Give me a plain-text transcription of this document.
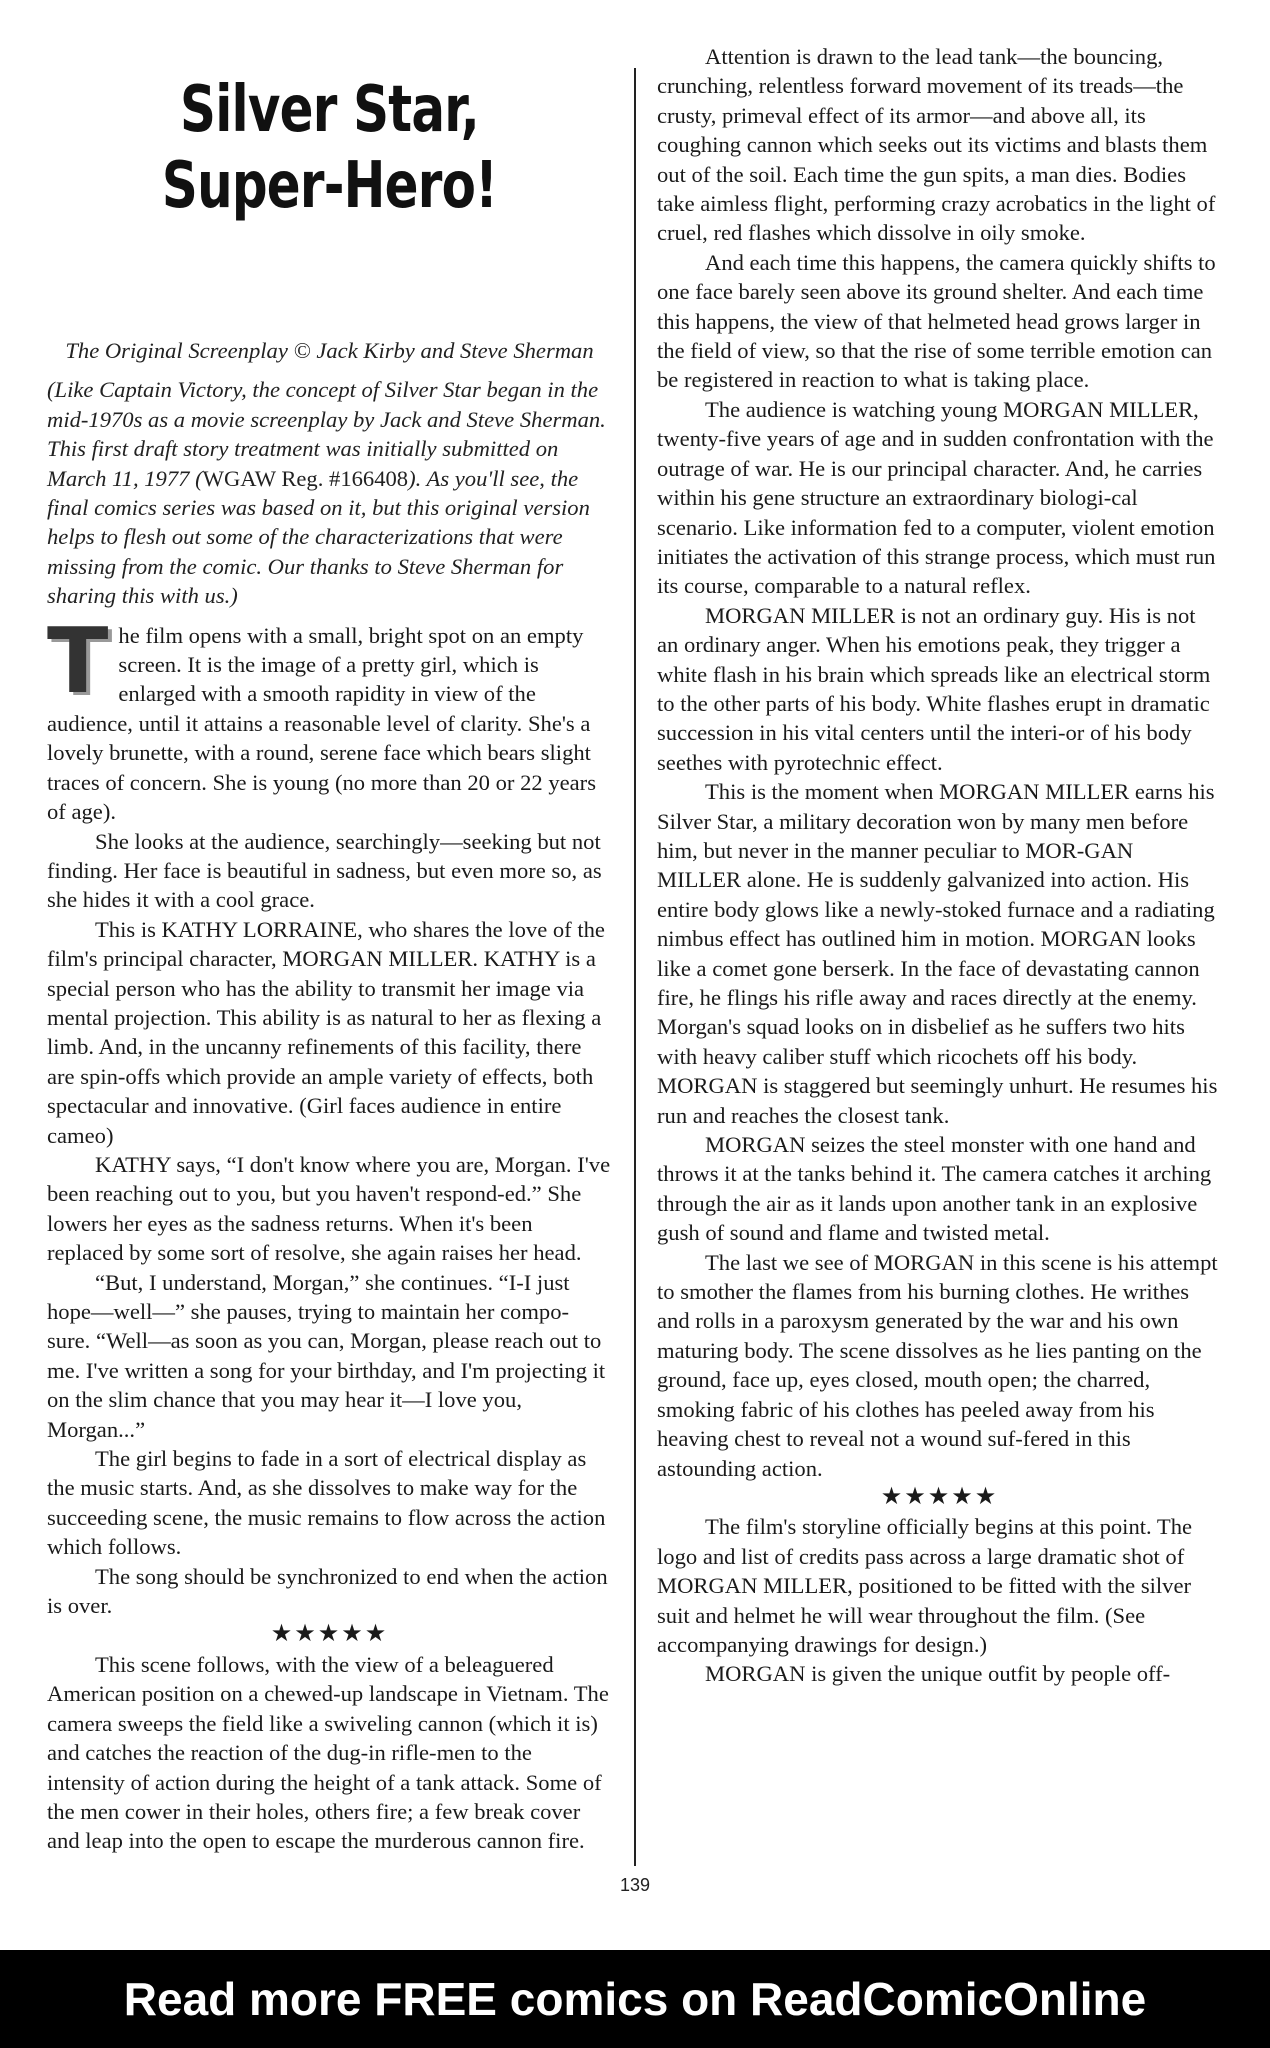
Silver Star,
Super-Hero!
The Original Screenplay © Jack Kirby and Steve Sherman
(Like Captain Victory, the concept of Silver Star began in the mid-1970s as a movie screenplay by Jack and Steve Sherman. This first draft story treatment was initially submitted on March 11, 1977 (WGAW Reg. #166408). As you'll see, the final comics series was based on it, but this original version helps to flesh out some of the characterizations that were missing from the comic. Our thanks to Steve Sherman for sharing this with us.)

The film opens with a small, bright spot on an empty screen. It is the image of a pretty girl, which is enlarged with a smooth rapidity in view of the audience, until it attains a reasonable level of clarity. She's a lovely brunette, with a round, serene face which bears slight traces of concern. She is young (no more than 20 or 22 years of age).

She looks at the audience, searchingly—seeking but not finding. Her face is beautiful in sadness, but even more so, as she hides it with a cool grace.

This is KATHY LORRAINE, who shares the love of the film's principal character, MORGAN MILLER. KATHY is a special person who has the ability to transmit her image via mental projection. This ability is as natural to her as flexing a limb. And, in the uncanny refinements of this facility, there are spin-offs which provide an ample variety of effects, both spectacular and innovative. (Girl faces audience in entire cameo)

KATHY says, “I don't know where you are, Morgan. I've been reaching out to you, but you haven't respond-ed.” She lowers her eyes as the sadness returns. When it's been replaced by some sort of resolve, she again raises her head.

“But, I understand, Morgan,” she continues. “I-I just hope—well—” she pauses, trying to maintain her compo-sure. “Well—as soon as you can, Morgan, please reach out to me. I've written a song for your birthday, and I'm projecting it on the slim chance that you may hear it—I love you, Morgan...”

The girl begins to fade in a sort of electrical display as the music starts. And, as she dissolves to make way for the succeeding scene, the music remains to flow across the action which follows.

The song should be synchronized to end when the action is over.

★★★★★

This scene follows, with the view of a beleaguered American position on a chewed-up landscape in Vietnam. The camera sweeps the field like a swiveling cannon (which it is) and catches the reaction of the dug-in rifle-men to the intensity of action during the height of a tank attack. Some of the men cower in their holes, others fire; a few break cover and leap into the open to escape the murderous cannon fire.

Attention is drawn to the lead tank—the bouncing, crunching, relentless forward movement of its treads—the crusty, primeval effect of its armor—and above all, its coughing cannon which seeks out its victims and blasts them out of the soil. Each time the gun spits, a man dies. Bodies take aimless flight, performing crazy acrobatics in the light of cruel, red flashes which dissolve in oily smoke.

And each time this happens, the camera quickly shifts to one face barely seen above its ground shelter. And each time this happens, the view of that helmeted head grows larger in the field of view, so that the rise of some terrible emotion can be registered in reaction to what is taking place.

The audience is watching young MORGAN MILLER, twenty-five years of age and in sudden confrontation with the outrage of war. He is our principal character. And, he carries within his gene structure an extraordinary biologi-cal scenario. Like information fed to a computer, violent emotion initiates the activation of this strange process, which must run its course, comparable to a natural reflex.

MORGAN MILLER is not an ordinary guy. His is not an ordinary anger. When his emotions peak, they trigger a white flash in his brain which spreads like an electrical storm to the other parts of his body. White flashes erupt in dramatic succession in his vital centers until the interi-or of his body seethes with pyrotechnic effect.

This is the moment when MORGAN MILLER earns his Silver Star, a military decoration won by many men before him, but never in the manner peculiar to MOR-GAN MILLER alone. He is suddenly galvanized into action. His entire body glows like a newly-stoked furnace and a radiating nimbus effect has outlined him in motion. MORGAN looks like a comet gone berserk. In the face of devastating cannon fire, he flings his rifle away and races directly at the enemy. Morgan's squad looks on in disbelief as he suffers two hits with heavy caliber stuff which ricochets off his body. MORGAN is staggered but seemingly unhurt. He resumes his run and reaches the closest tank.

MORGAN seizes the steel monster with one hand and throws it at the tanks behind it. The camera catches it arching through the air as it lands upon another tank in an explosive gush of sound and flame and twisted metal.

The last we see of MORGAN in this scene is his attempt to smother the flames from his burning clothes. He writhes and rolls in a paroxysm generated by the war and his own maturing body. The scene dissolves as he lies panting on the ground, face up, eyes closed, mouth open; the charred, smoking fabric of his clothes has peeled away from his heaving chest to reveal not a wound suf-fered in this astounding action.

★★★★★

The film's storyline officially begins at this point. The logo and list of credits pass across a large dramatic shot of MORGAN MILLER, positioned to be fitted with the silver suit and helmet he will wear throughout the film. (See accompanying drawings for design.)

MORGAN is given the unique outfit by people off-

139
Read more FREE comics on ReadComicOnline
